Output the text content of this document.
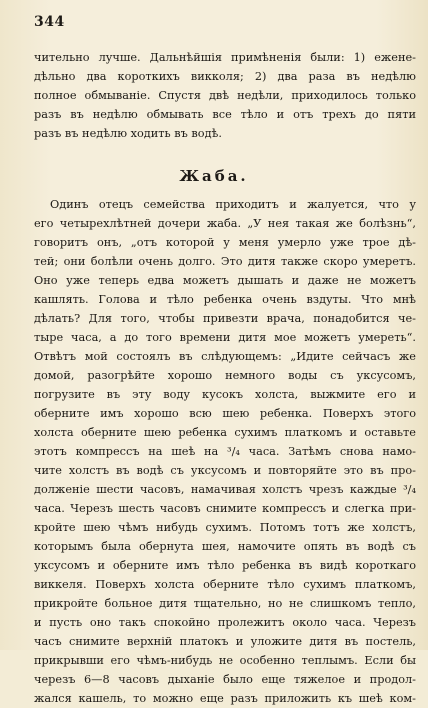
344
чительно лучше. Дальнѣйшія примѣненія были: 1) ежене-
дѣльно два короткихъ викколя; 2) два раза въ недѣлю
полное обмываніе. Спустя двѣ недѣли, приходилось только
разъ въ недѣлю обмывать все тѣло и отъ трехъ до пяти
разъ въ недѣлю ходить въ водѣ.
Жаба.
Одинъ отецъ семейства приходитъ и жалуется, что у
его четырехлѣтней дочери жаба. „У нея такая же болѣзнь“,
говоритъ онъ, „отъ которой у меня умерло уже трое дѣ-
тей; они болѣли очень долго. Это дитя также скоро умеретъ.
Оно уже теперь едва можетъ дышать и даже не можетъ
кашлять. Голова и тѣло ребенка очень вздуты. Что мнѣ
дѣлать? Для того, чтобы привезти врача, понадобится че-
тыре часа, а до того времени дитя мое можетъ умереть“.
Отвѣтъ мой состоялъ въ слѣдующемъ: „Идите сейчасъ же
домой, разогрѣйте хорошо немного воды съ уксусомъ,
погрузите въ эту воду кусокъ холста, выжмите его и
оберните имъ хорошо всю шею ребенка. Поверхъ этого
холста оберните шею ребенка сухимъ платкомъ и оставьте
этотъ компрессъ на шеѣ на ³/₄ часа. Затѣмъ снова намо-
чите холстъ въ водѣ съ уксусомъ и повторяйте это въ про-
долженіе шести часовъ, намачивая холстъ чрезъ каждые ³/₄
часа. Черезъ шесть часовъ снимите компрессъ и слегка при-
кройте шею чѣмъ нибудь сухимъ. Потомъ тотъ же холстъ,
которымъ была обернута шея, намочите опять въ водѣ съ
уксусомъ и оберните имъ тѣло ребенка въ видѣ короткаго
виккеля. Поверхъ холста оберните тѣло сухимъ платкомъ,
прикройте больное дитя тщательно, но не слишкомъ тепло,
и пусть оно такъ спокойно пролежитъ около часа. Черезъ
часъ снимите верхній платокъ и уложите дитя въ постель,
прикрывши его чѣмъ-нибудь не особенно теплымъ. Если бы
черезъ 6—8 часовъ дыханіе было еще тяжелое и продол-
жался кашель, то можно еще разъ приложить къ шеѣ ком-
